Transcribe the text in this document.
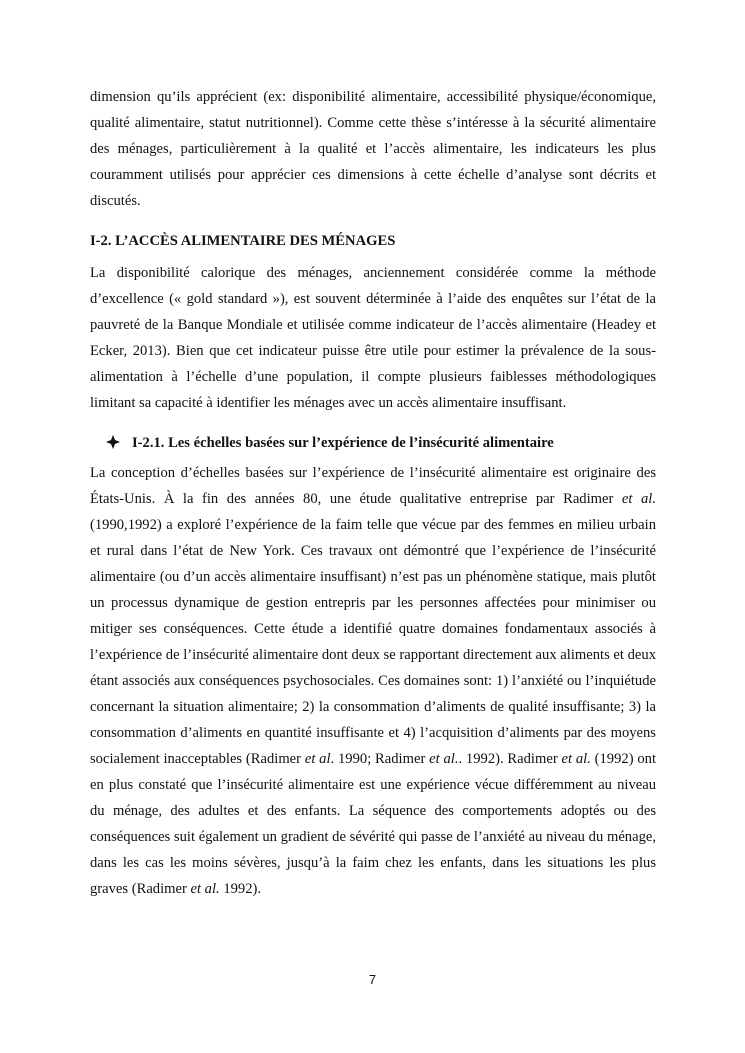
dimension qu’ils apprécient (ex: disponibilité alimentaire, accessibilité physique/économique, qualité alimentaire, statut nutritionnel). Comme cette thèse s’intéresse à la sécurité alimentaire des ménages, particulièrement à la qualité et l’accès alimentaire, les indicateurs les plus couramment utilisés pour apprécier ces dimensions à cette échelle d’analyse sont décrits et discutés.

I-2. L’ACCÈS ALIMENTAIRE DES MÉNAGES

La disponibilité calorique des ménages, anciennement considérée comme la méthode d’excellence (« gold standard »), est souvent déterminée à l’aide des enquêtes sur l’état de la pauvreté de la Banque Mondiale et utilisée comme indicateur de l’accès alimentaire (Headey et Ecker, 2013). Bien que cet indicateur puisse être utile pour estimer la prévalence de la sous-alimentation à l’échelle d’une population, il compte plusieurs faiblesses méthodologiques limitant sa capacité à identifier les ménages avec un accès alimentaire insuffisant.

I-2.1. Les échelles basées sur l’expérience de l’insécurité alimentaire

La conception d’échelles basées sur l’expérience de l’insécurité alimentaire est originaire des États-Unis. À la fin des années 80, une étude qualitative entreprise par Radimer et al. (1990,1992) a exploré l’expérience de la faim telle que vécue par des femmes en milieu urbain et rural dans l’état de New York. Ces travaux ont démontré que l’expérience de l’insécurité alimentaire (ou d’un accès alimentaire insuffisant) n’est pas un phénomène statique, mais plutôt un processus dynamique de gestion entrepris par les personnes affectées pour minimiser ou mitiger ses conséquences. Cette étude a identifié quatre domaines fondamentaux associés à l’expérience de l’insécurité alimentaire dont deux se rapportant directement aux aliments et deux étant associés aux conséquences psychosociales. Ces domaines sont: 1) l’anxiété ou l’inquiétude concernant la situation alimentaire; 2) la consommation d’aliments de qualité insuffisante; 3) la consommation d’aliments en quantité insuffisante et 4) l’acquisition d’aliments par des moyens socialement inacceptables (Radimer et al. 1990; Radimer et al.. 1992). Radimer et al. (1992) ont en plus constaté que l’insécurité alimentaire est une expérience vécue différemment au niveau du ménage, des adultes et des enfants. La séquence des comportements adoptés ou des conséquences suit également un gradient de sévérité qui passe de l’anxiété au niveau du ménage, dans les cas les moins sévères, jusqu’à la faim chez les enfants, dans les situations les plus graves (Radimer et al. 1992).

7
